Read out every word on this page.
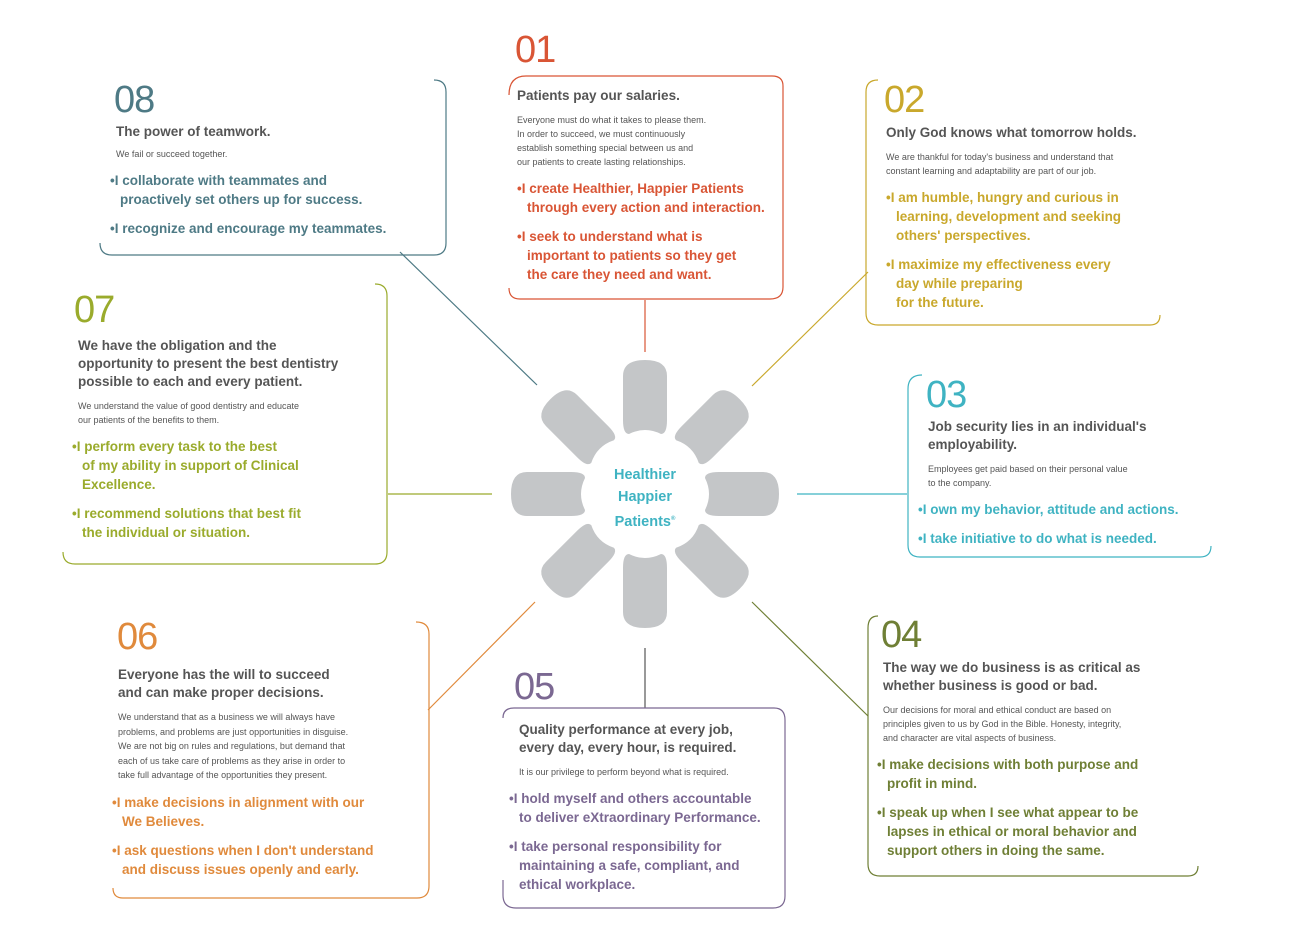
Healthier
Happier
Patients®
01
Patients pay our salaries.
Everyone must do what it takes to please them.
In order to succeed, we must continuously
establish something special between us and
our patients to create lasting relationships.
• I create Healthier, Happier Patients
through every action and interaction.
• I seek to understand what is
important to patients so they get
the care they need and want.
02
Only God knows what tomorrow holds.
We are thankful for today's business and understand that
constant learning and adaptability are part of our job.
• I am humble, hungry and curious in
learning, development and seeking
others' perspectives.
• I maximize my effectiveness every
day while preparing
for the future.
03
Job security lies in an individual's
employability.
Employees get paid based on their personal value
to the company.
• I own my behavior, attitude and actions.
• I take initiative to do what is needed.
04
The way we do business is as critical as
whether business is good or bad.
Our decisions for moral and ethical conduct are based on
principles given to us by God in the Bible. Honesty, integrity,
and character are vital aspects of business.
• I make decisions with both purpose and
profit in mind.
• I speak up when I see what appear to be
lapses in ethical or moral behavior and
support others in doing the same.
05
Quality performance at every job,
every day, every hour, is required.
It is our privilege to perform beyond what is required.
• I hold myself and others accountable
to deliver eXtraordinary Performance.
• I take personal responsibility for
maintaining a safe, compliant, and
ethical workplace.
06
Everyone has the will to succeed
and can make proper decisions.
We understand that as a business we will always have
problems, and problems are just opportunities in disguise.
We are not big on rules and regulations, but demand that
each of us take care of problems as they arise in order to
take full advantage of the opportunities they present.
• I make decisions in alignment with our
We Believes.
• I ask questions when I don't understand
and discuss issues openly and early.
07
We have the obligation and the
opportunity to present the best dentistry
possible to each and every patient.
We understand the value of good dentistry and educate
our patients of the benefits to them.
• I perform every task to the best
of my ability in support of Clinical
Excellence.
• I recommend solutions that best fit
the individual or situation.
08
The power of teamwork.
We fail or succeed together.
• I collaborate with teammates and
proactively set others up for success.
• I recognize and encourage my teammates.
